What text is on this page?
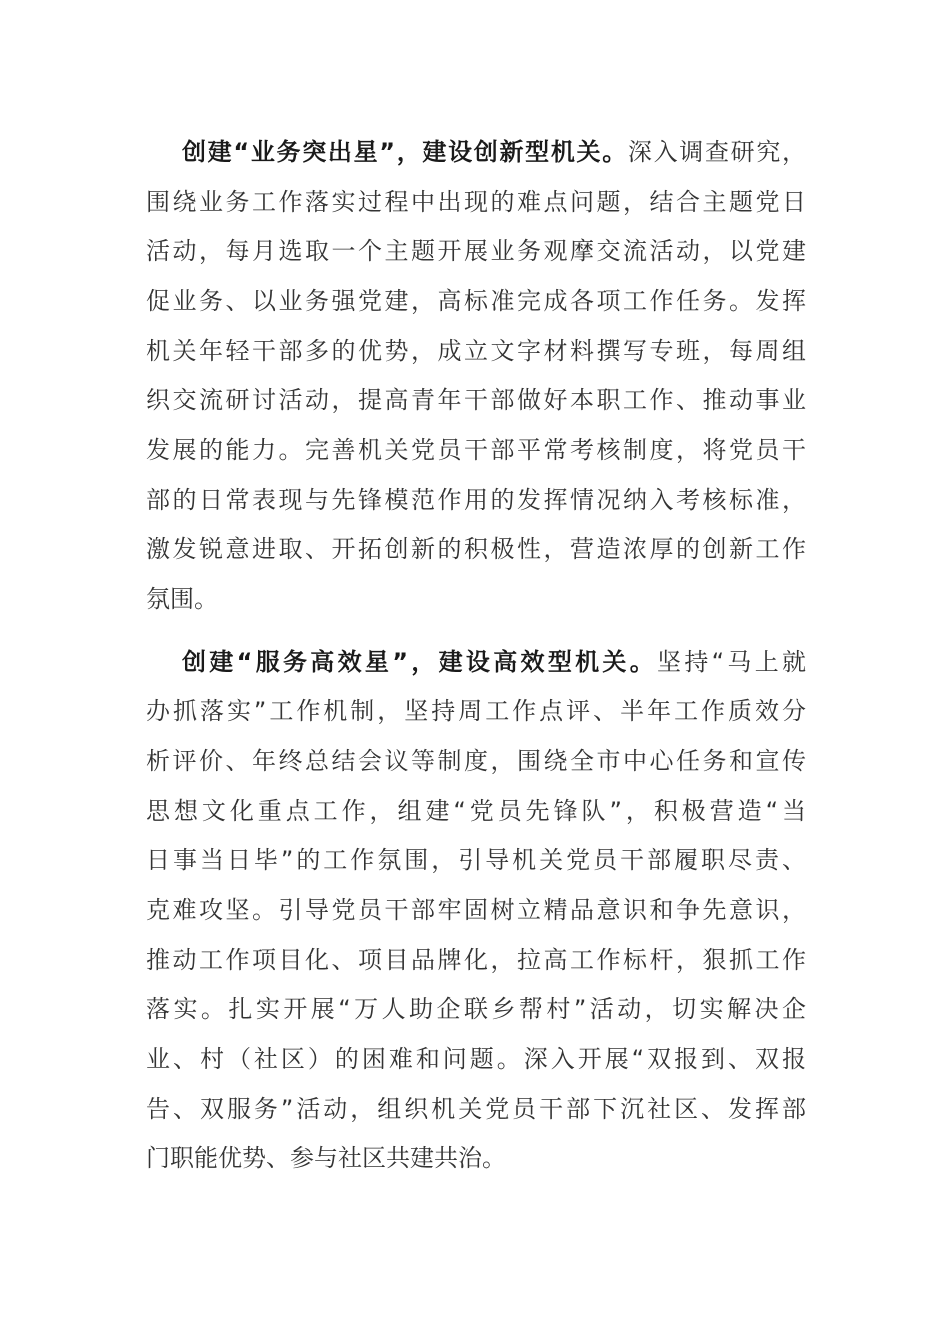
创建“业务突出星”，建设创新型机关。深入调查研究，
围绕业务工作落实过程中出现的难点问题，结合主题党日
活动，每月选取一个主题开展业务观摩交流活动，以党建
促业务、以业务强党建，高标准完成各项工作任务。发挥
机关年轻干部多的优势，成立文字材料撰写专班，每周组
织交流研讨活动，提高青年干部做好本职工作、推动事业
发展的能力。完善机关党员干部平常考核制度，将党员干
部的日常表现与先锋模范作用的发挥情况纳入考核标准，
激发锐意进取、开拓创新的积极性，营造浓厚的创新工作
氛围。
创建“服务高效星”，建设高效型机关。坚持“马上就
办抓落实”工作机制，坚持周工作点评、半年工作质效分
析评价、年终总结会议等制度，围绕全市中心任务和宣传
思想文化重点工作，组建“党员先锋队”，积极营造“当
日事当日毕”的工作氛围，引导机关党员干部履职尽责、
克难攻坚。引导党员干部牢固树立精品意识和争先意识，
推动工作项目化、项目品牌化，拉高工作标杆，狠抓工作
落实。扎实开展“万人助企联乡帮村”活动，切实解决企
业、村（社区）的困难和问题。深入开展“双报到、双报
告、双服务”活动，组织机关党员干部下沉社区、发挥部
门职能优势、参与社区共建共治。
